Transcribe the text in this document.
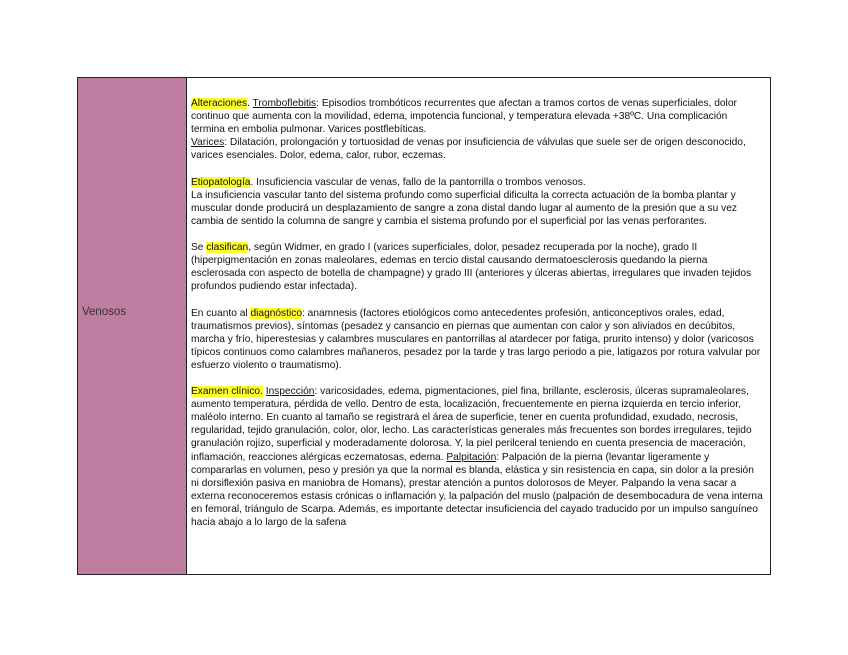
Venosos

Alteraciones. Tromboflebitis: Episodios trombóticos recurrentes que afectan a tramos cortos de venas superficiales, dolor continuo que aumenta con la movilidad, edema, impotencia funcional, y temperatura elevada +38ºC. Una complicación termina en embolia pulmonar. Varices postflebíticas.
Varices: Dilatación, prolongación y tortuosidad de venas por insuficiencia de válvulas que suele ser de origen desconocido, varices esenciales. Dolor, edema, calor, rubor, eczemas.

Etiopatología. Insuficiencia vascular de venas, fallo de la pantorrilla o trombos venosos.
La insuficiencia vascular tanto del sistema profundo como superficial dificulta la correcta actuación de la bomba plantar y muscular donde producirá un desplazamiento de sangre a zona distal dando lugar al aumento de la presión que a su vez cambia de sentido la columna de sangre y cambia el sistema profundo por el superficial por las venas perforantes.

Se clasifican, según Widmer, en grado I (varices superficiales, dolor, pesadez recuperada por la noche), grado II (hiperpigmentación en zonas maleolares, edemas en tercio distal causando dermatoesclerosis quedando la pierna esclerosada con aspecto de botella de champagne) y grado III (anteriores y úlceras abiertas, irregulares que invaden tejidos profundos pudiendo estar infectada).

En cuanto al diagnóstico: anamnesis (factores etiológicos como antecedentes profesión, anticonceptivos orales, edad, traumatismos previos), síntomas (pesadez y cansancio en piernas que aumentan con calor y son aliviados en decúbitos, marcha y frío, hiperestesias y calambres musculares en pantorrillas al atardecer por fatiga, prurito intenso) y dolor (varicosos típicos continuos como calambres mañaneros, pesadez por la tarde y tras largo periodo a pie, latigazos por rotura valvular por esfuerzo violento o traumatismo).

Examen clínico. Inspección: varicosidades, edema, pigmentaciones, piel fina, brillante, esclerosis, úlceras supramaleolares, aumento temperatura, pérdida de vello. Dentro de esta, localización, frecuentemente en pierna izquierda en tercio inferior, maléolo interno. En cuanto al tamaño se registrará el área de superficie, tener en cuenta profundidad, exudado, necrosis, regularidad, tejido granulación, color, olor, lecho. Las características generales más frecuentes son bordes irregulares, tejido granulación rojizo, superficial y moderadamente dolorosa. Y, la piel perilceral teniendo en cuenta presencia de maceración, inflamación, reacciones alérgicas eczematosas, edema. Palpitación: Palpación de la pierna (levantar ligeramente y compararlas en volumen, peso y presión ya que la normal es blanda, elástica y sin resistencia en capa, sin dolor a la presión ni dorsiflexión pasiva en maniobra de Homans), prestar atención a puntos dolorosos de Meyer. Palpando la vena sacar a externa reconoceremos estasis crónicas o inflamación y, la palpación del muslo (palpación de desembocadura de vena interna en femoral, triángulo de Scarpa. Además, es importante detectar insuficiencia del cayado traducido por un impulso sanguíneo hacia abajo a lo largo de la safena
